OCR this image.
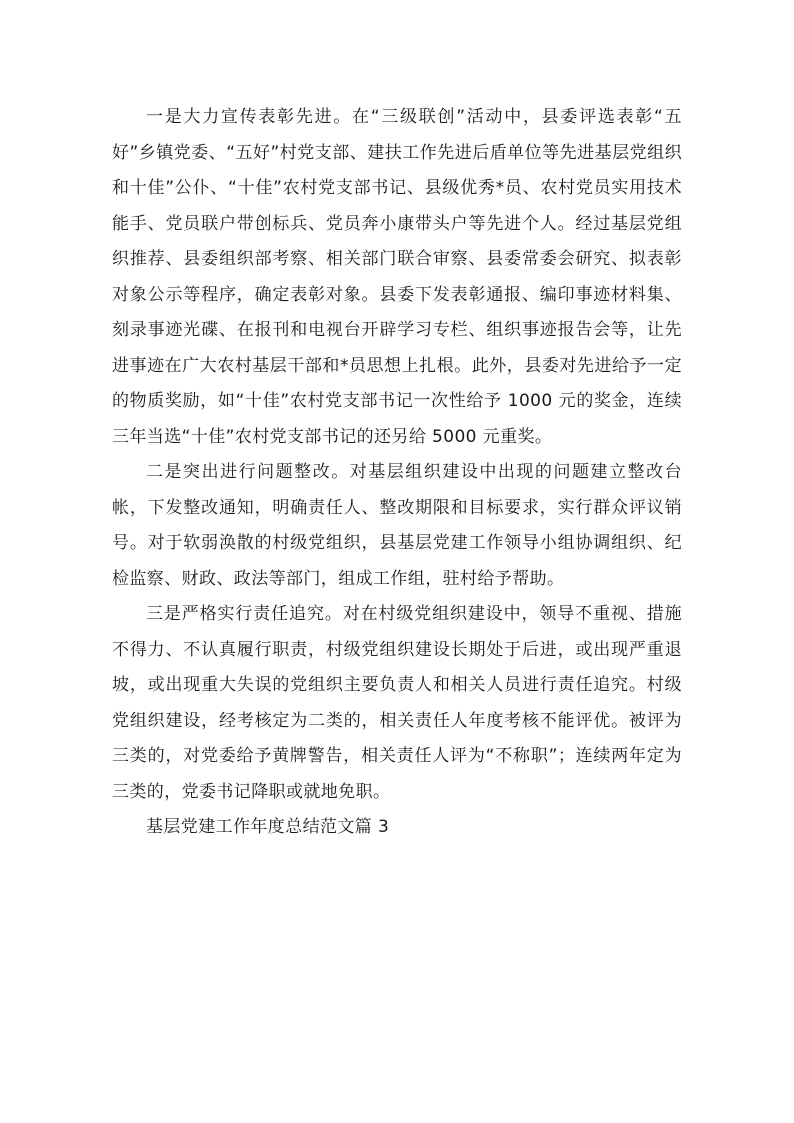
一是大力宣传表彰先进。在“三级联创”活动中，县委评选表彰“五好”乡镇党委、“五好”村党支部、建扶工作先进后盾单位等先进基层党组织和十佳”公仆、“十佳”农村党支部书记、县级优秀*员、农村党员实用技术能手、党员联户带创标兵、党员奔小康带头户等先进个人。经过基层党组织推荐、县委组织部考察、相关部门联合审察、县委常委会研究、拟表彰对象公示等程序，确定表彰对象。县委下发表彰通报、编印事迹材料集、刻录事迹光碟、在报刊和电视台开辟学习专栏、组织事迹报告会等，让先进事迹在广大农村基层干部和*员思想上扎根。此外，县委对先进给予一定的物质奖励，如“十佳”农村党支部书记一次性给予 1000 元的奖金，连续三年当选“十佳”农村党支部书记的还另给 5000 元重奖。

二是突出进行问题整改。对基层组织建设中出现的问题建立整改台帐，下发整改通知，明确责任人、整改期限和目标要求，实行群众评议销号。对于软弱涣散的村级党组织，县基层党建工作领导小组协调组织、纪检监察、财政、政法等部门，组成工作组，驻村给予帮助。

三是严格实行责任追究。对在村级党组织建设中，领导不重视、措施不得力、不认真履行职责，村级党组织建设长期处于后进，或出现严重退坡，或出现重大失误的党组织主要负责人和相关人员进行责任追究。村级党组织建设，经考核定为二类的，相关责任人年度考核不能评优。被评为三类的，对党委给予黄牌警告，相关责任人评为“不称职”；连续两年定为三类的，党委书记降职或就地免职。

基层党建工作年度总结范文篇 3
